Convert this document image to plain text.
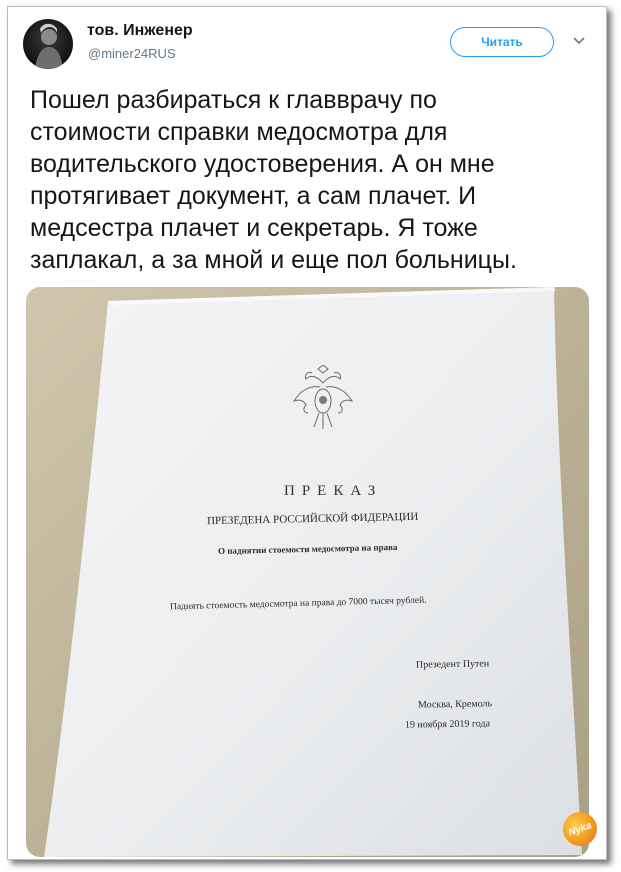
тов. Инженер
@miner24RUS
Читать
Пошел разбираться к главврачу по
стоимости справки медосмотра для
водительского удостоверения. А он мне
протягивает документ, а сам плачет. И
медсестра плачет и секретарь. Я тоже
заплакал, а за мной и еще пол больницы.
ПРЕКАЗ
ПРЕЗЕДЕНА РОССИЙСКОЙ ФИДЕРАЦИИ
О паднятии стоемости медосмотра на права
Паднять стоемость медосмотра на права до 7000 тысяч рублей.
Презедент Путен
Москва, Кремоль
19 ноября 2019 года
Nyka
